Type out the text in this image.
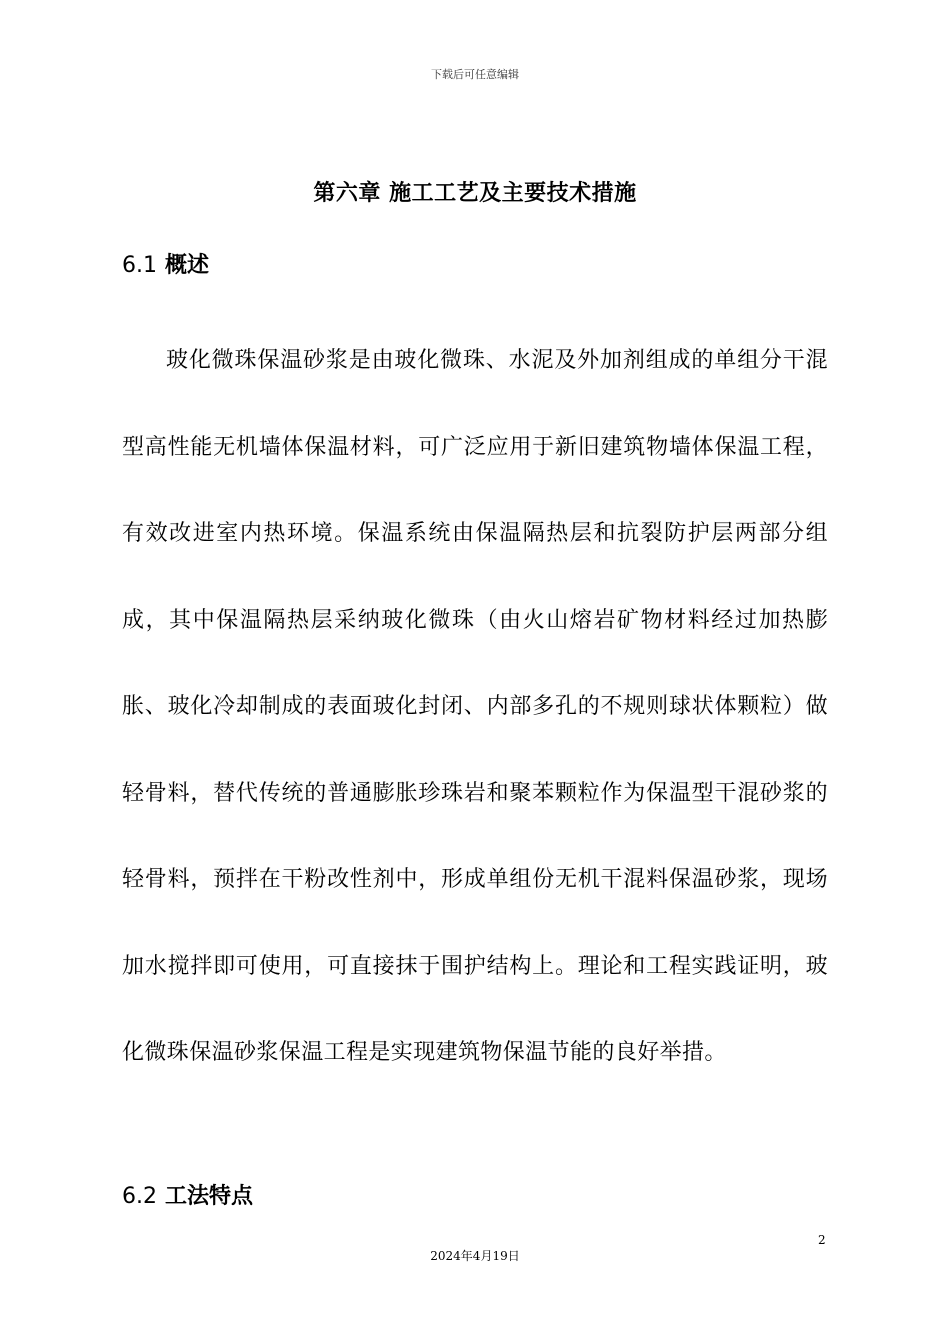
下载后可任意编辑
第六章 施工工艺及主要技术措施
6.1 概述

玻化微珠保温砂浆是由玻化微珠、水泥及外加剂组成的单组分干混型高性能无机墙体保温材料，可广泛应用于新旧建筑物墙体保温工程，有效改进室内热环境。保温系统由保温隔热层和抗裂防护层两部分组成，其中保温隔热层采纳玻化微珠（由火山熔岩矿物材料经过加热膨胀、玻化冷却制成的表面玻化封闭、内部多孔的不规则球状体颗粒）做轻骨料，替代传统的普通膨胀珍珠岩和聚苯颗粒作为保温型干混砂浆的轻骨料，预拌在干粉改性剂中，形成单组份无机干混料保温砂浆，现场加水搅拌即可使用，可直接抹于围护结构上。理论和工程实践证明，玻化微珠保温砂浆保温工程是实现建筑物保温节能的良好举措。

6.2 工法特点
2
2024年4月19日
